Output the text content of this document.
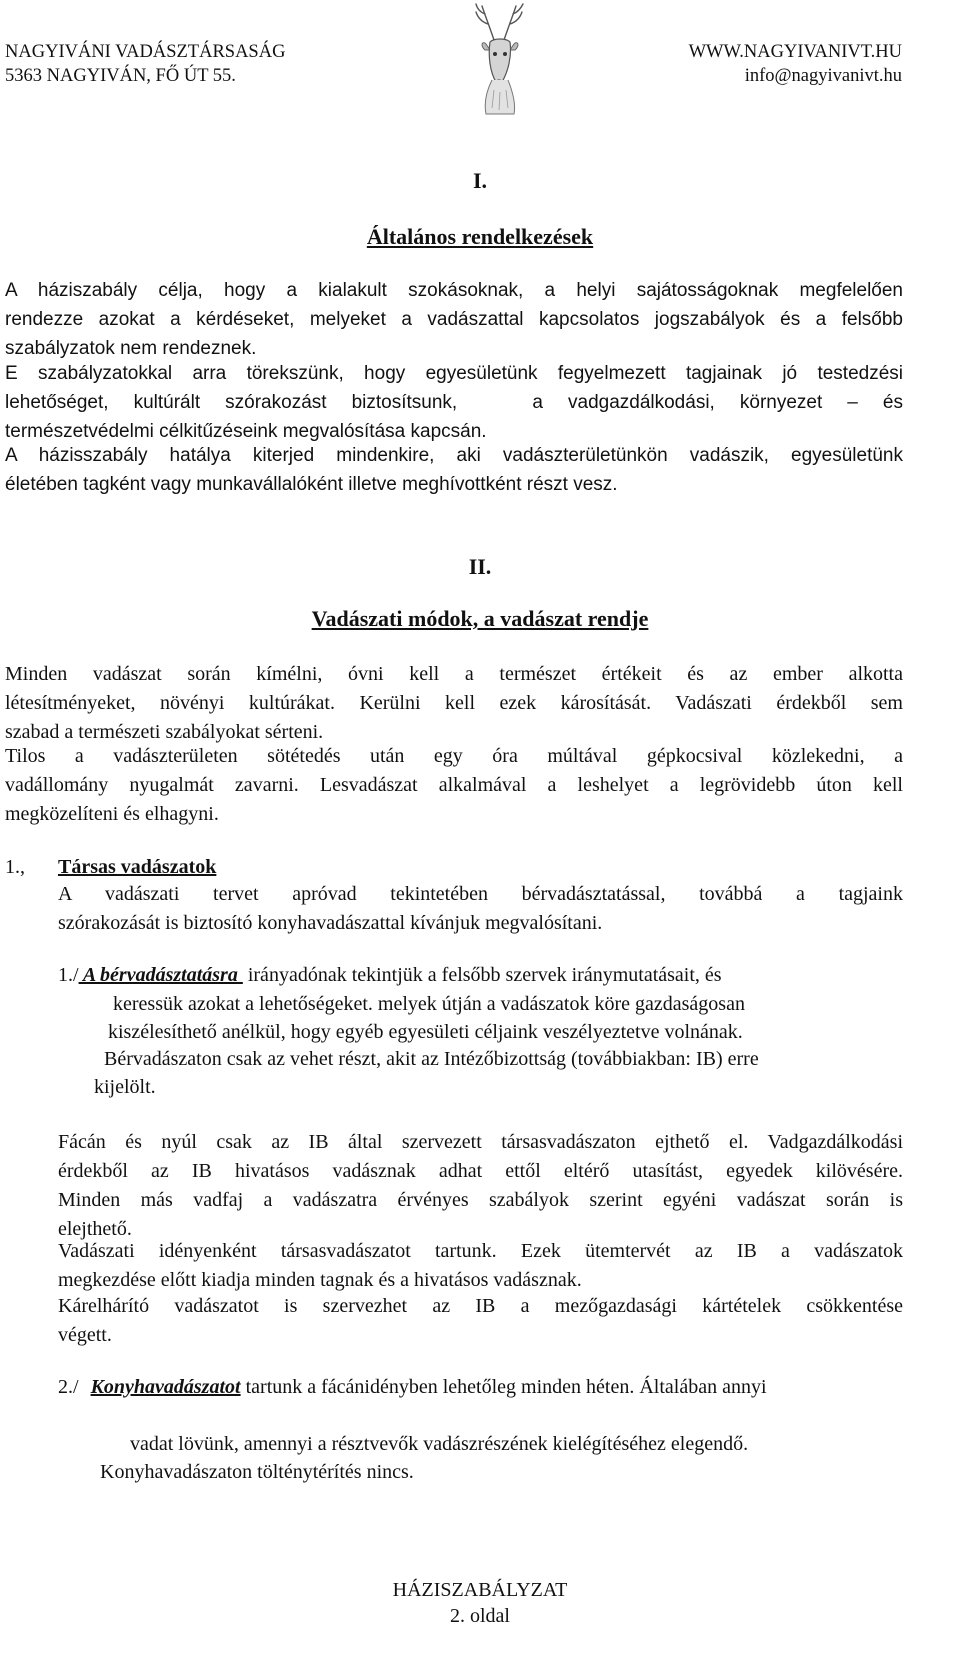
NAGYIVÁNI VADÁSZTÁRSASÁG
5363 NAGYIVÁN, FŐ ÚT 55.
WWW.NAGYIVANIVT.HU
info@nagyivanivt.hu
I.
Általános rendelkezések

A háziszabály célja, hogy a kialakult szokásoknak, a helyi sajátosságoknak megfelelően

rendezze azokat a kérdéseket, melyeket a vadászattal kapcsolatos jogszabályok és a felsőbb

szabályzatok nem rendeznek.

E szabályzatokkal arra törekszünk, hogy egyesületünk fegyelmezett tagjainak jó testedzési

lehetőséget, kultúrált szórakozást biztosítsunk,   a vadgazdálkodási, környezet – és

természetvédelmi célkitűzéseink megvalósítása kapcsán.

A házisszabály hatálya kiterjed mindenkire, aki vadászterületünkön vadászik, egyesületünk

életében tagként vagy munkavállalóként illetve meghívottként részt vesz.

II.
Vadászati módok, a vadászat rendje

Minden vadászat során kímélni, óvni kell a természet értékeit és az ember alkotta

létesítményeket, növényi kultúrákat. Kerülni kell ezek károsítását. Vadászati érdekből sem

szabad a természeti szabályokat sérteni.

Tilos a vadászterületen sötétedés után egy óra múltával gépkocsival közlekedni, a

vadállomány nyugalmát zavarni. Lesvadászat alkalmával a leshelyet a legrövidebb úton kell

megközelíteni és elhagyni.

1., Társas vadászatok

A vadászati tervet apróvad tekintetében bérvadásztatással, továbbá a tagjaink

szórakozását is biztosító konyhavadászattal kívánjuk megvalósítani.

1./ A bérvadásztatásra  irányadónak tekintjük a felsőbb szervek iránymutatásait, és
keressük azokat a lehetőségeket. melyek útján a vadászatok köre gazdaságosan
kiszélesíthető anélkül, hogy egyéb egyesületi céljaink veszélyeztetve volnának.
Bérvadászaton csak az vehet részt, akit az Intézőbizottság (továbbiakban: IB) erre
kijelölt.

Fácán és nyúl csak az IB által szervezett társasvadászaton ejthető el. Vadgazdálkodási

érdekből az IB hivatásos vadásznak adhat ettől eltérő utasítást, egyedek kilövésére.

Minden más vadfaj a vadászatra érvényes szabályok szerint egyéni vadászat során is

elejthető.

Vadászati idényenként társasvadászatot tartunk. Ezek ütemtervét az IB a vadászatok

megkezdése előtt kiadja minden tagnak és a hivatásos vadásznak.

Kárelhárító vadászatot is szervezhet az IB a mezőgazdasági kártételek csökkentése

végett.

2./ Konyhavadászatot tartunk a fácánidényben lehetőleg minden héten. Általában annyi
vadat lövünk, amennyi a résztvevők vadászrészének kielégítéséhez elegendő.
Konyhavadászaton tölténytérítés nincs.
HÁZISZABÁLYZAT
2. oldal
